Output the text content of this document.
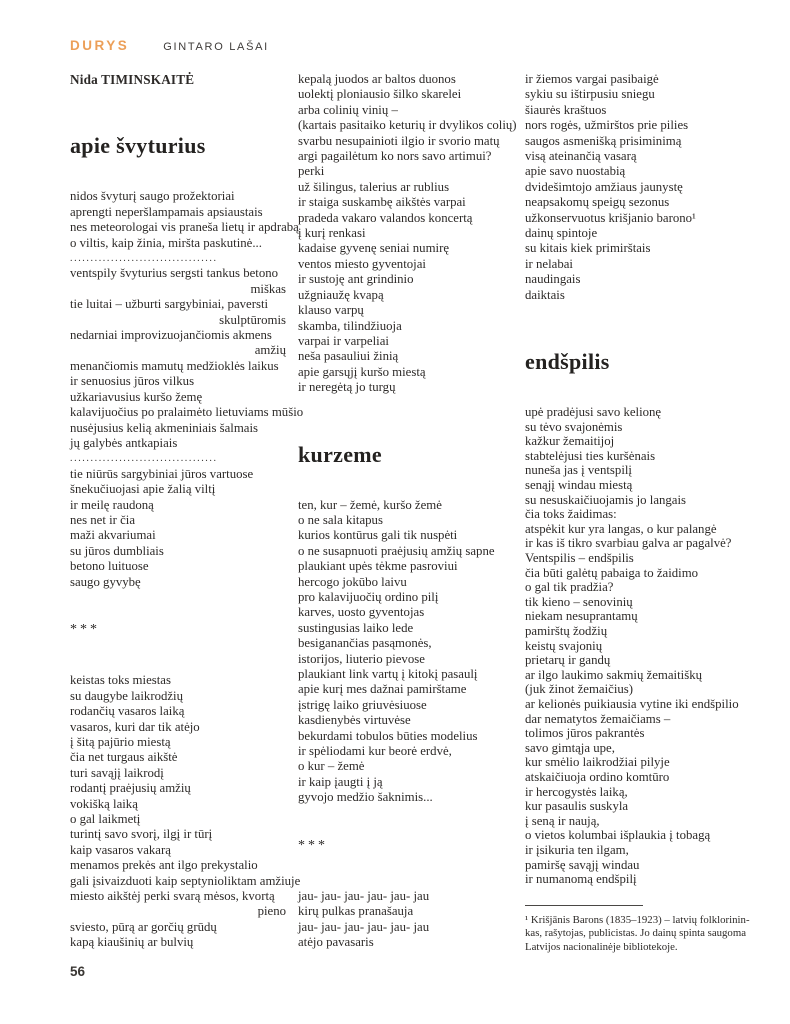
DURYS	GINTARO LAŠAI
Nida TIMINSKAITĖ
apie švyturius
nidos švyturį saugo prožektoriai
aprengti neperšlampamais apsiaustais
nes meteorologai vis praneša lietų ir apdrabą
o viltis, kaip žinia, miršta paskutinė...
....................................
ventspily švyturius sergsti tankus betono
miškas
tie luitai – užburti sargybiniai, paversti
skulptūromis
nedarniai improvizuojančiomis akmens
amžių
menančiomis mamutų medžioklės laikus
ir senuosius jūros vilkus
užkariavusius kuršo žemę
kalavijuočius po pralaimėto lietuviams mūšio
nusėjusius kelią akmeniniais šalmais
jų galybės antkapiais
....................................
tie niūrūs sargybiniai jūros vartuose
šnekučiuojasi apie žalią viltį
ir meilę raudoną
nes net ir čia
maži akvariumai
su jūros dumbliais
betono luituose
saugo gyvybę
***
keistas toks miestas
su daugybe laikrodžių
rodančių vasaros laiką
vasaros, kuri dar tik atėjo
į šitą pajūrio miestą
čia net turgaus aikštė
turi savąjį laikrodį
rodantį praėjusių amžių
vokišką laiką
o gal laikmetį
turintį savo svorį, ilgį ir tūrį
kaip vasaros vakarą
menamos prekės ant ilgo prekystalio
gali įsivaizduoti kaip septynioliktam amžiuje
miesto aikštėj perki svarą mėsos, kvortą
pieno
sviesto, pūrą ar gorčių grūdų
kapą kiaušinių ar bulvių
kepalą juodos ar baltos duonos
uolektį ploniausio šilko skarelei
arba colinių vinių –
(kartais pasitaiko keturių ir dvylikos colių)
svarbu nesupainioti ilgio ir svorio matų
argi pagailėtum ko nors savo artimui?
perki
už šilingus, talerius ar rublius
ir staiga suskambę aikštės varpai
pradeda vakaro valandos koncertą
į kurį renkasi
kadaise gyvenę seniai numirę
ventos miesto gyventojai
ir sustoję ant grindinio
užgniaužę kvapą
klauso varpų
skamba, tilindžiuoja
varpai ir varpeliai
neša pasauliui žinią
apie garsųjį kuršo miestą
ir neregėtą jo turgų
kurzeme
ten, kur – žemė, kuršo žemė
o ne sala kitapus
kurios kontūrus gali tik nuspėti
o ne susapnuoti praėjusių amžių sapne
plaukiant upės tėkme pasroviui
hercogo jokūbo laivu
pro kalavijuočių ordino pilį
karves, uosto gyventojas
sustingusias laiko lede
besiganančias pasąmonės,
istorijos, liuterio pievose
plaukiant link vartų į kitokį pasaulį
apie kurį mes dažnai pamirštame
įstrigę laiko griuvėsiuose
kasdienybės virtuvėse
bekurdami tobulos būties modelius
ir spėliodami kur beorė erdvė,
o kur – žemė
ir kaip įaugti į ją
gyvojo medžio šaknimis...
***
jau- jau- jau- jau- jau- jau
kirų pulkas pranašauja
jau- jau- jau- jau- jau- jau
atėjo pavasaris
ir žiemos vargai pasibaigė
sykiu su ištirpusiu sniegu
šiaurės kraštuos
nors rogės, užmirštos prie pilies
saugos asmenišką prisiminimą
visą ateinančią vasarą
apie savo nuostabią
dvidešimtojo amžiaus jaunystę
neapsakomų speigų sezonus
užkonservuotus krišjanio barono¹
dainų spintoje
su kitais kiek primirštais
ir nelabai
naudingais
daiktais
endšpilis
upė pradėjusi savo kelionę
su tėvo svajonėmis
kažkur žemaitijoj
stabtelėjusi ties kuršėnais
nuneša jas į ventspilį
senąjį windau miestą
su nesuskaičiuojamis jo langais
čia toks žaidimas:
atspėkit kur yra langas, o kur palangė
ir kas iš tikro svarbiau galva ar pagalvė?
Ventspilis – endšpilis
čia būti galėtų pabaiga to žaidimo
o gal tik pradžia?
tik kieno – senovinių
niekam nesuprantamų
pamirštų žodžių
keistų svajonių
prietarų ir gandų
ar ilgo laukimo sakmių žemaitiškų
(juk žinot žemaičius)
ar kelionės puikiausia vytine iki endšpilio
dar nematytos žemaičiams –
tolimos jūros pakrantės
savo gimtąja upe,
kur smėlio laikrodžiai pilyje
atskaičiuoja ordino komtūro
ir hercogystės laiką,
kur pasaulis suskyla
į seną ir naują,
o vietos kolumbai išplaukia į tobagą
ir įsikuria ten ilgam,
pamiršę savąjį windau
ir numanomą endšpilį
¹ Krišjānis Barons (1835–1923) – latvių folklorinin-
kas, rašytojas, publicistas. Jo dainų spinta saugoma
Latvijos nacionalinėje bibliotekoje.
56
